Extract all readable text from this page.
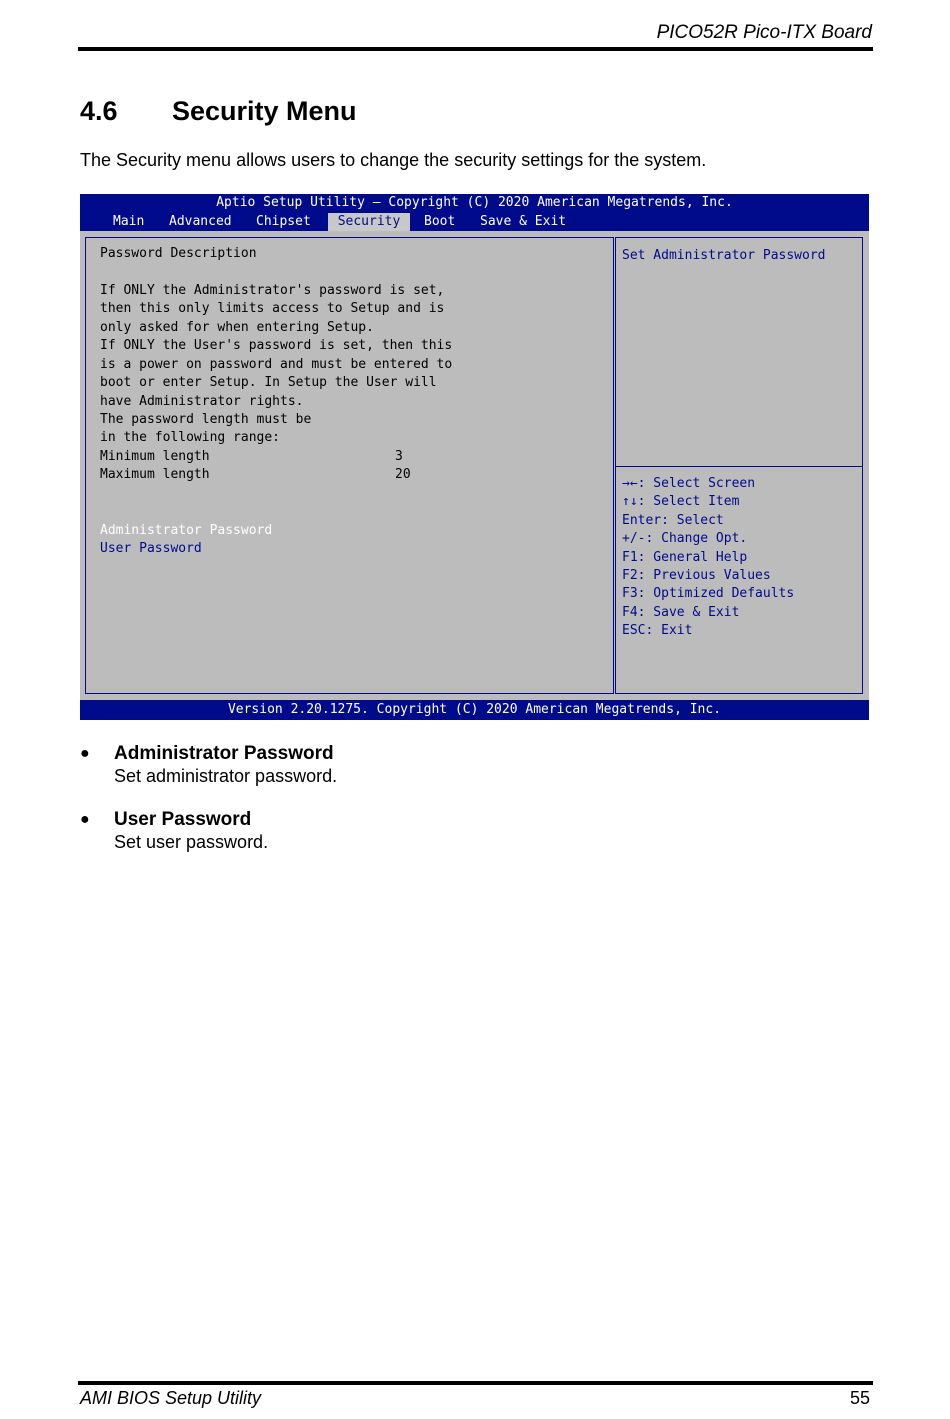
PICO52R Pico-ITX Board
4.6 Security Menu
The Security menu allows users to change the security settings for the system.
Aptio Setup Utility – Copyright (C) 2020 American Megatrends, Inc.
Main Advanced Chipset	Security	Boot Save & Exit
Password Description
If ONLY the Administrator's password is set,
then this only limits access to Setup and is
only asked for when entering Setup.
If ONLY the User's password is set, then this
is a power on password and must be entered to
boot or enter Setup. In Setup the User will
have Administrator rights.
The password length must be
in the following range:
Minimum length	3
Maximum length	20
Administrator Password
User Password
Set Administrator Password
→←: Select Screen
↑↓: Select Item
Enter: Select
+/-: Change Opt.
F1: General Help
F2: Previous Values
F3: Optimized Defaults
F4: Save & Exit
ESC: Exit
Version 2.20.1275. Copyright (C) 2020 American Megatrends, Inc.
● Administrator Password
Set administrator password.
● User Password
Set user password.
AMI BIOS Setup Utility	55
